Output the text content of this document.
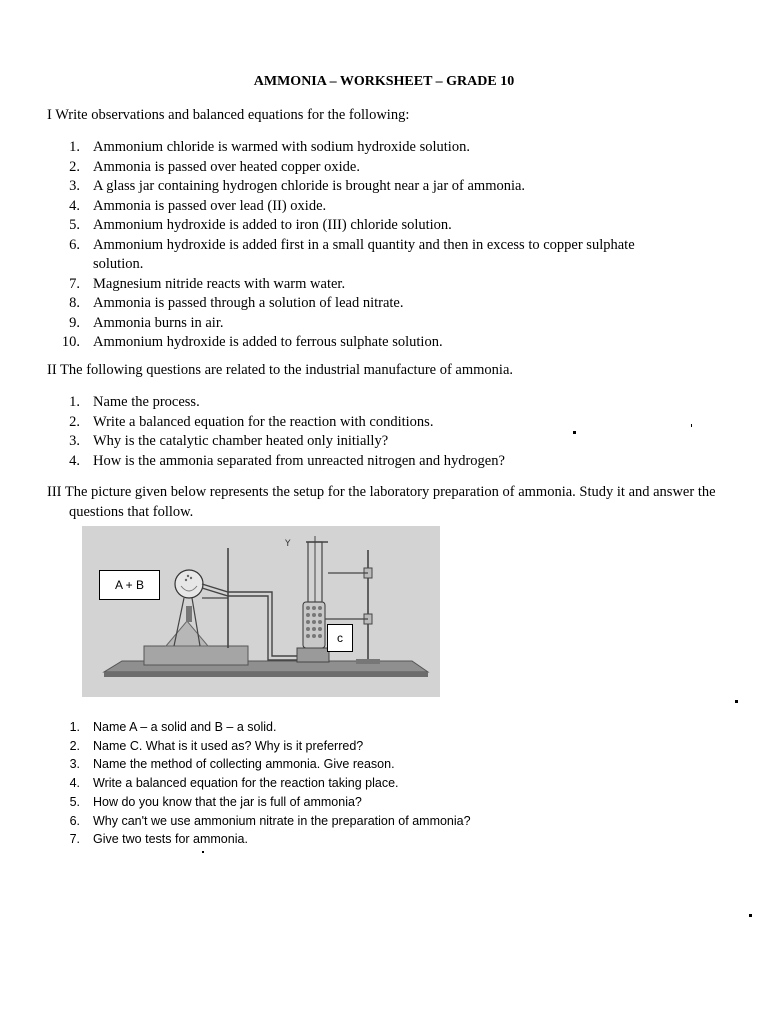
AMMONIA – WORKSHEET – GRADE 10
I Write observations and balanced equations for the following:
1. Ammonium chloride is warmed with sodium hydroxide solution.
2. Ammonia is passed over heated copper oxide.
3. A glass jar containing hydrogen chloride is brought near a jar of ammonia.
4. Ammonia is passed over lead (II) oxide.
5. Ammonium hydroxide is added to iron (III) chloride solution.
6. Ammonium hydroxide is added first in a small quantity and then in excess to copper sulphate solution.
7. Magnesium nitride reacts with warm water.
8. Ammonia is passed through a solution of lead nitrate.
9. Ammonia burns in air.
10. Ammonium hydroxide is added to ferrous sulphate solution.
II The following questions are related to the industrial manufacture of ammonia.
1. Name the process.
2. Write a balanced equation for the reaction with conditions.
3. Why is the catalytic chamber heated only initially?
4. How is the ammonia separated from unreacted nitrogen and hydrogen?
III The picture given below represents the setup for the laboratory preparation of ammonia. Study it and answer the questions that follow.
Y
A + B
c
1. Name A – a solid and B – a solid.
2. Name C. What is it used as? Why is it preferred?
3. Name the method of collecting ammonia. Give reason.
4. Write a balanced equation for the reaction taking place.
5. How do you know that the jar is full of ammonia?
6. Why can't we use ammonium nitrate in the preparation of ammonia?
7. Give two tests for ammonia.
